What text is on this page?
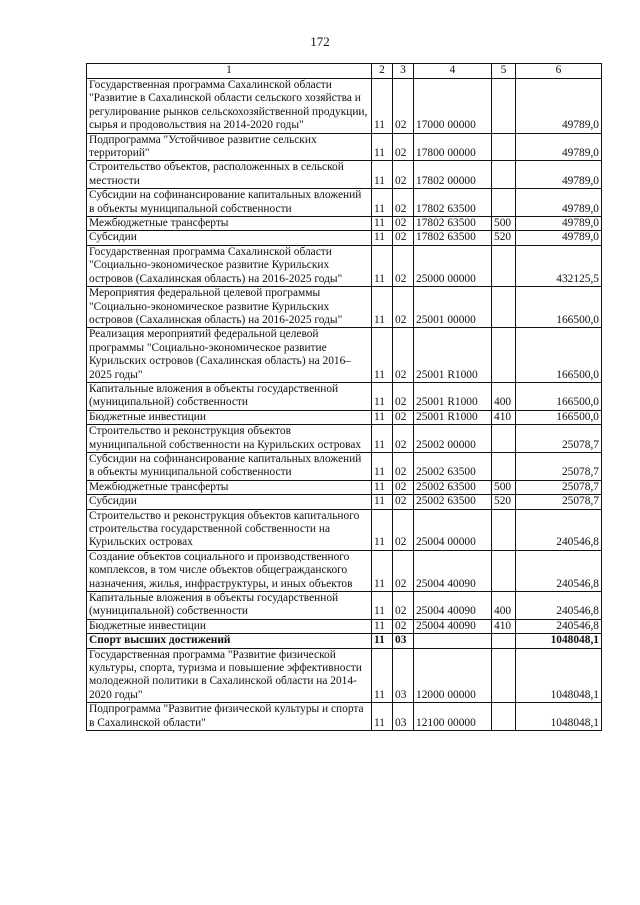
172
1	2	3	4	5	6
Государственная программа Сахалинской области "Развитие в Сахалинской области сельского хозяйства и регулирование рынков сельскохозяйственной продукции, сырья и продовольствия на 2014-2020 годы"	11	02	17000 00000		49789,0
Подпрограмма "Устойчивое развитие сельских территорий"	11	02	17800 00000		49789,0
Строительство объектов, расположенных в сельской местности	11	02	17802 00000		49789,0
Субсидии на софинансирование капитальных вложений в объекты муниципальной собственности	11	02	17802 63500		49789,0
Межбюджетные трансферты	11	02	17802 63500	500	49789,0
Субсидии	11	02	17802 63500	520	49789,0
Государственная программа Сахалинской области "Социально-экономическое развитие Курильских островов (Сахалинская область) на 2016-2025 годы"	11	02	25000 00000		432125,5
Мероприятия федеральной целевой программы "Социально-экономическое развитие Курильских островов (Сахалинская область) на 2016-2025 годы"	11	02	25001 00000		166500,0
Реализация мероприятий федеральной целевой программы "Социально-экономическое развитие Курильских островов (Сахалинская область) на 2016–2025 годы"	11	02	25001 R1000		166500,0
Капитальные вложения в объекты государственной (муниципальной) собственности	11	02	25001 R1000	400	166500,0
Бюджетные инвестиции	11	02	25001 R1000	410	166500,0
Строительство и реконструкция объектов муниципальной собственности на Курильских островах	11	02	25002 00000		25078,7
Субсидии на софинансирование капитальных вложений в объекты муниципальной собственности	11	02	25002 63500		25078,7
Межбюджетные трансферты	11	02	25002 63500	500	25078,7
Субсидии	11	02	25002 63500	520	25078,7
Строительство и реконструкция объектов капитального строительства государственной собственности на Курильских островах	11	02	25004 00000		240546,8
Создание объектов социального и производственного комплексов, в том числе объектов общегражданского назначения, жилья, инфраструктуры, и иных объектов	11	02	25004 40090		240546,8
Капитальные вложения в объекты государственной (муниципальной) собственности	11	02	25004 40090	400	240546,8
Бюджетные инвестиции	11	02	25004 40090	410	240546,8
Спорт высших достижений	11	03			1048048,1
Государственная программа "Развитие физической культуры, спорта, туризма и повышение эффективности молодежной политики в Сахалинской области на 2014-2020 годы"	11	03	12000 00000		1048048,1
Подпрограмма "Развитие физической культуры и спорта в Сахалинской области"	11	03	12100 00000		1048048,1
